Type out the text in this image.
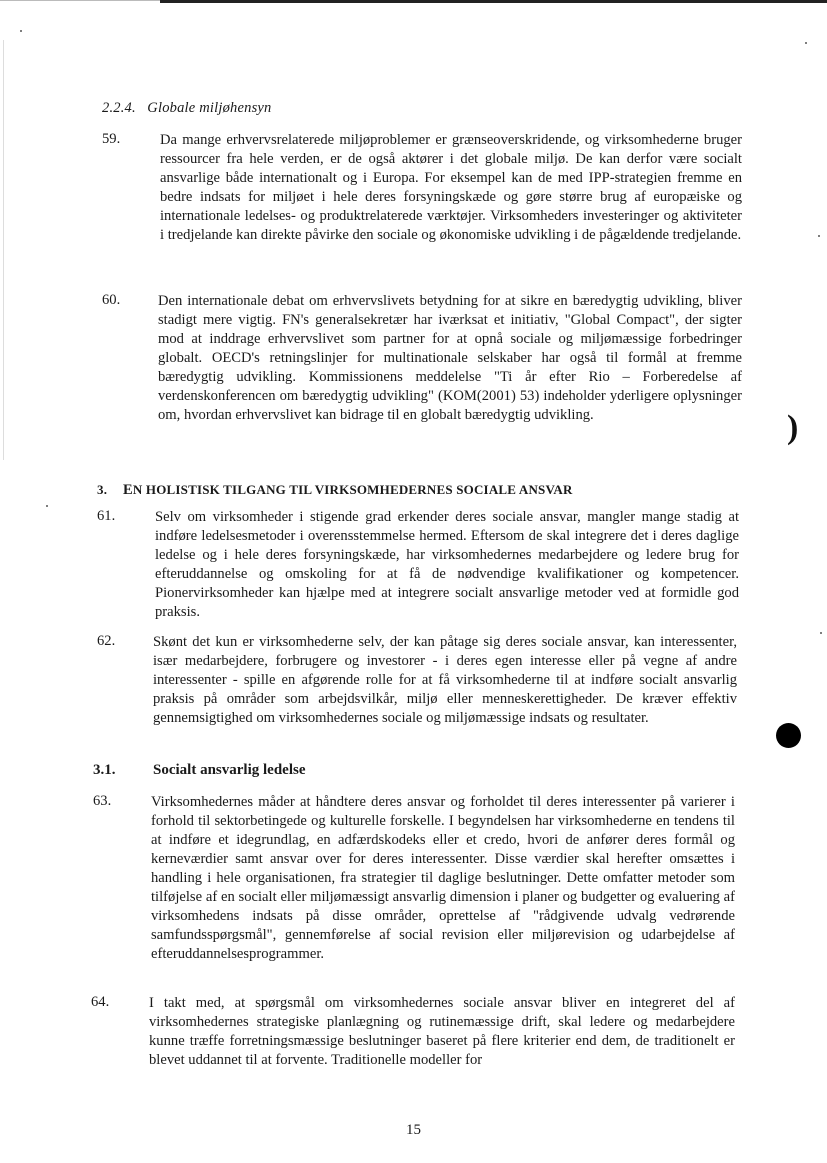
2.2.4.   Globale miljøhensyn
59.	Da mange erhvervsrelaterede miljøproblemer er grænseoverskridende, og virksomhederne bruger ressourcer fra hele verden, er de også aktører i det globale miljø. De kan derfor være socialt ansvarlige både internationalt og i Europa. For eksempel kan de med IPP-strategien fremme en bedre indsats for miljøet i hele deres forsyningskæde og gøre større brug af europæiske og internationale ledelses- og produktrelaterede værktøjer. Virksomheders investeringer og aktiviteter i tredjelande kan direkte påvirke den sociale og økonomiske udvikling i de pågældende tredjelande.
60.	Den internationale debat om erhvervslivets betydning for at sikre en bæredygtig udvikling, bliver stadigt mere vigtig. FN's generalsekretær har iværksat et initiativ, "Global Compact", der sigter mod at inddrage erhvervslivet som partner for at opnå sociale og miljømæssige forbedringer globalt. OECD's retningslinjer for multinationale selskaber har også til formål at fremme bæredygtig udvikling. Kommissionens meddelelse "Ti år efter Rio – Forberedelse af verdenskonferencen om bæredygtig udvikling" (KOM(2001) 53) indeholder yderligere oplysninger om, hvordan erhvervslivet kan bidrage til en globalt bæredygtig udvikling.
3. EN HOLISTISK TILGANG TIL VIRKSOMHEDERNES SOCIALE ANSVAR
61.	Selv om virksomheder i stigende grad erkender deres sociale ansvar, mangler mange stadig at indføre ledelsesmetoder i overensstemmelse hermed. Eftersom de skal integrere det i deres daglige ledelse og i hele deres forsyningskæde, har virksomhedernes medarbejdere og ledere brug for efteruddannelse og omskoling for at få de nødvendige kvalifikationer og kompetencer. Pionervirksomheder kan hjælpe med at integrere socialt ansvarlige metoder ved at formidle god praksis.
62.	Skønt det kun er virksomhederne selv, der kan påtage sig deres sociale ansvar, kan interessenter, især medarbejdere, forbrugere og investorer - i deres egen interesse eller på vegne af andre interessenter - spille en afgørende rolle for at få virksomhederne til at indføre socialt ansvarlig praksis på områder som arbejdsvilkår, miljø eller menneskerettigheder. De kræver effektiv gennemsigtighed om virksomhedernes sociale og miljømæssige indsats og resultater.
3.1.	Socialt ansvarlig ledelse
63.	Virksomhedernes måder at håndtere deres ansvar og forholdet til deres interessenter på varierer i forhold til sektorbetingede og kulturelle forskelle. I begyndelsen har virksomhederne en tendens til at indføre et idegrundlag, en adfærdskodeks eller et credo, hvori de anfører deres formål og kerneværdier samt ansvar over for deres interessenter. Disse værdier skal herefter omsættes i handling i hele organisationen, fra strategier til daglige beslutninger. Dette omfatter metoder som tilføjelse af en socialt eller miljømæssigt ansvarlig dimension i planer og budgetter og evaluering af virksomhedens indsats på disse områder, oprettelse af "rådgivende udvalg vedrørende samfundsspørgsmål", gennemførelse af social revision eller miljørevision og udarbejdelse af efteruddannelsesprogrammer.
64.	I takt med, at spørgsmål om virksomhedernes sociale ansvar bliver en integreret del af virksomhedernes strategiske planlægning og rutinemæssige drift, skal ledere og medarbejdere kunne træffe forretningsmæssige beslutninger baseret på flere kriterier end dem, de traditionelt er blevet uddannet til at forvente. Traditionelle modeller for
15
)
